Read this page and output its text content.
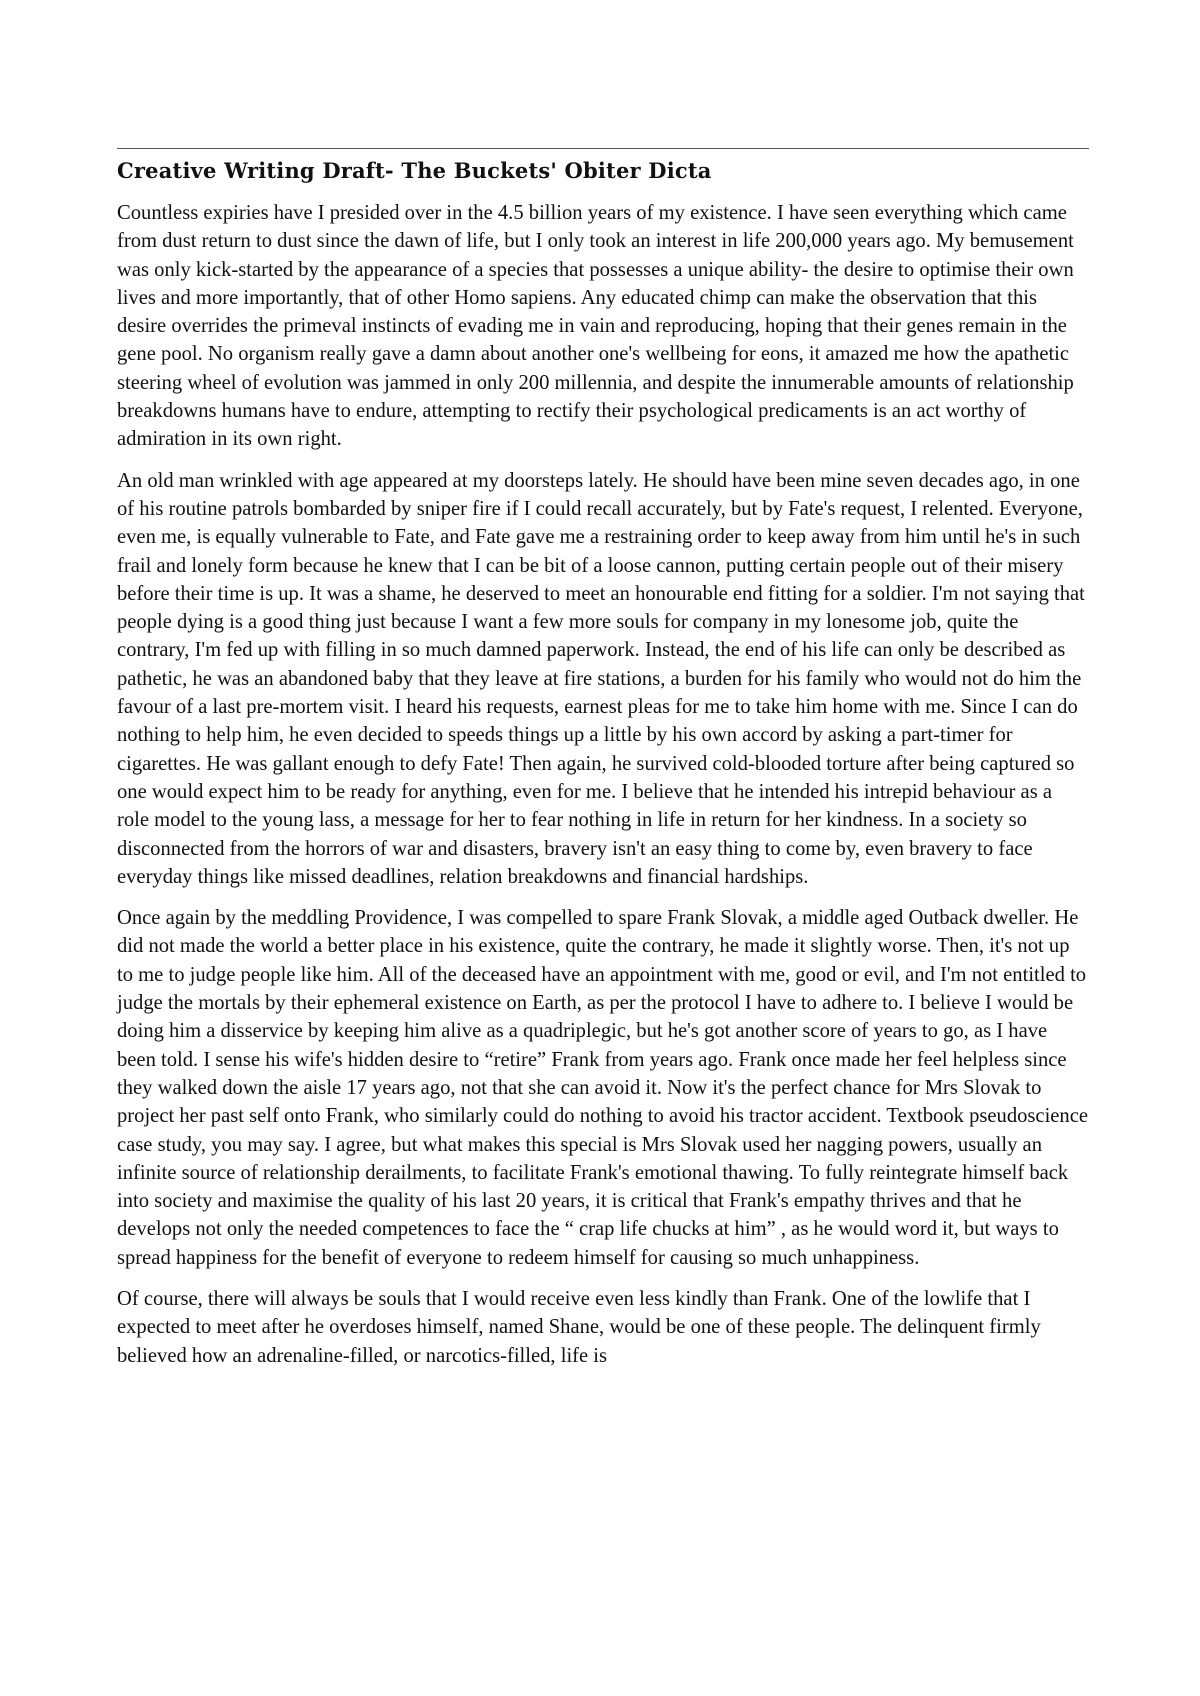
Creative Writing Draft- The Buckets' Obiter Dicta

Countless expiries have I presided over in the 4.5 billion years of my existence. I have seen everything which came from dust return to dust since the dawn of life, but I only took an interest in life 200,000 years ago. My bemusement was only kick-started by the appearance of a species that possesses a unique ability- the desire to optimise their own lives and more importantly, that of other Homo sapiens. Any educated chimp can make the observation that this desire overrides the primeval instincts of evading me in vain and reproducing, hoping that their genes remain in the gene pool. No organism really gave a damn about another one's wellbeing for eons, it amazed me how the apathetic steering wheel of evolution was jammed in only 200 millennia, and despite the innumerable amounts of relationship breakdowns humans have to endure, attempting to rectify their psychological predicaments is an act worthy of admiration in its own right.

An old man wrinkled with age appeared at my doorsteps lately. He should have been mine seven decades ago, in one of his routine patrols bombarded by sniper fire if I could recall accurately, but by Fate's request, I relented. Everyone, even me, is equally vulnerable to Fate, and Fate gave me a restraining order to keep away from him until he's in such frail and lonely form because he knew that I can be bit of a loose cannon, putting certain people out of their misery before their time is up. It was a shame, he deserved to meet an honourable end fitting for a soldier. I'm not saying that people dying is a good thing just because I want a few more souls for company in my lonesome job, quite the contrary, I'm fed up with filling in so much damned paperwork. Instead, the end of his life can only be described as pathetic, he was an abandoned baby that they leave at fire stations, a burden for his family who would not do him the favour of a last pre-mortem visit. I heard his requests, earnest pleas for me to take him home with me. Since I can do nothing to help him, he even decided to speeds things up a little by his own accord by asking a part-timer for cigarettes. He was gallant enough to defy Fate! Then again, he survived cold-blooded torture after being captured so one would expect him to be ready for anything, even for me. I believe that he intended his intrepid behaviour as a role model to the young lass, a message for her to fear nothing in life in return for her kindness. In a society so disconnected from the horrors of war and disasters, bravery isn't an easy thing to come by, even bravery to face everyday things like missed deadlines, relation breakdowns and financial hardships.

Once again by the meddling Providence, I was compelled to spare Frank Slovak, a middle aged Outback dweller. He did not made the world a better place in his existence, quite the contrary, he made it slightly worse. Then, it's not up to me to judge people like him. All of the deceased have an appointment with me, good or evil, and I'm not entitled to judge the mortals by their ephemeral existence on Earth, as per the protocol I have to adhere to. I believe I would be doing him a disservice by keeping him alive as a quadriplegic, but he's got another score of years to go, as I have been told. I sense his wife's hidden desire to “retire” Frank from years ago. Frank once made her feel helpless since they walked down the aisle 17 years ago, not that she can avoid it. Now it's the perfect chance for Mrs Slovak to project her past self onto Frank, who similarly could do nothing to avoid his tractor accident. Textbook pseudoscience case study, you may say. I agree, but what makes this special is Mrs Slovak used her nagging powers, usually an infinite source of relationship derailments, to facilitate Frank's emotional thawing. To fully reintegrate himself back into society and maximise the quality of his last 20 years, it is critical that Frank's empathy thrives and that he develops not only the needed competences to face the “ crap life chucks at him” , as he would word it, but ways to spread happiness for the benefit of everyone to redeem himself for causing so much unhappiness.

Of course, there will always be souls that I would receive even less kindly than Frank. One of the lowlife that I expected to meet after he overdoses himself, named Shane, would be one of these people. The delinquent firmly believed how an adrenaline-filled, or narcotics-filled, life is
